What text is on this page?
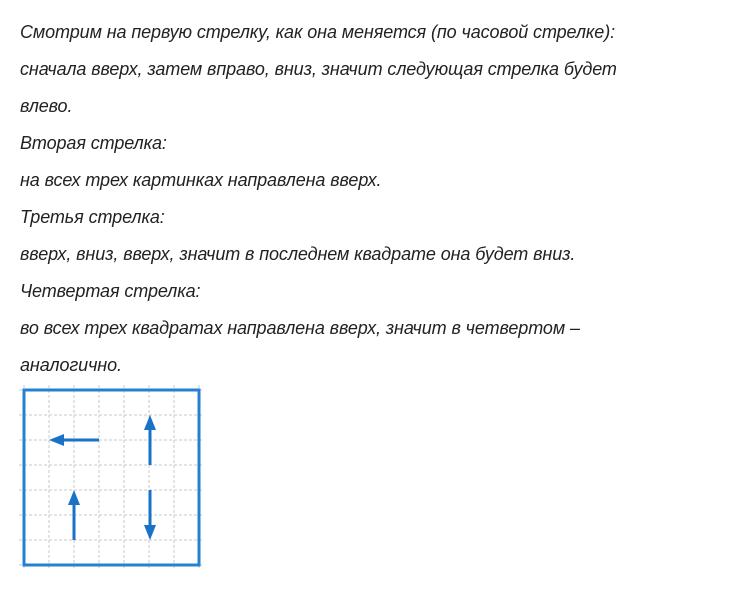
Смотрим на первую стрелку, как она меняется (по часовой стрелке):

сначала вверх, затем вправо, вниз, значит следующая стрелка будет

влево.

Вторая стрелка:

на всех трех картинках направлена вверх.

Третья стрелка:

вверх, вниз, вверх, значит в последнем квадрате она будет вниз.

Четвертая стрелка:

во всех трех квадратах направлена вверх, значит в четвертом –

аналогично.
